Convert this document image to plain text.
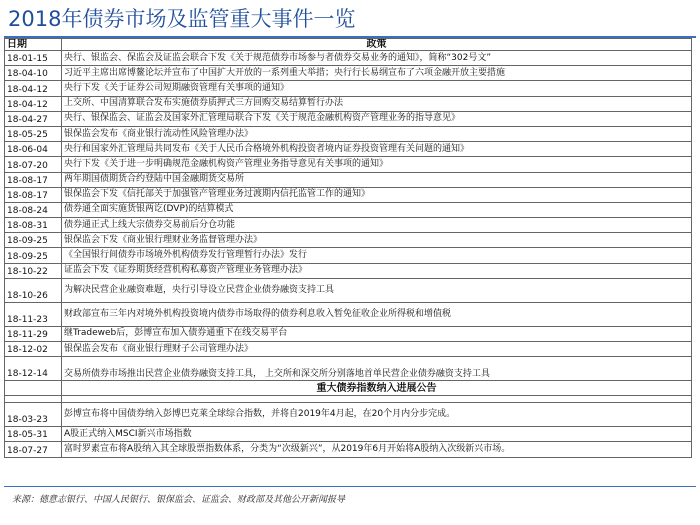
2018年债券市场及监管重大事件一览
日期	政策
18-01-15	央行、银监会、保监会及证监会联合下发《关于规范债券市场参与者债券交易业务的通知》，简称“302号文”
18-04-10	习近平主席出席博鳌论坛并宣布了中国扩大开放的一系列重大举措；央行行长易纲宣布了六项金融开放主要措施
18-04-12	央行下发《关于证券公司短期融资管理有关事项的通知》
18-04-12	上交所、中国清算联合发布实施债券质押式三方回购交易结算暂行办法
18-04-27	央行、银保监会、证监会及国家外汇管理局联合下发《关于规范金融机构资产管理业务的指导意见》
18-05-25	银保监会发布《商业银行流动性风险管理办法》
18-06-04	央行和国家外汇管理局共同发布《关于人民币合格境外机构投资者境内证券投资管理有关问题的通知》
18-07-20	央行下发《关于进一步明确规范金融机构资产管理业务指导意见有关事项的通知》
18-08-17	两年期国债期货合约登陆中国金融期货交易所
18-08-17	银保监会下发《信托部关于加强管产管理业务过渡期内信托监管工作的通知》
18-08-24	债券通全面实施货银两讫(DVP)的结算模式
18-08-31	债券通正式上线大宗债券交易前后分仓功能
18-09-25	银保监会下发《商业银行理财业务监督管理办法》
18-09-25	《全国银行间债券市场境外机构债券发行管理暂行办法》发行
18-10-22	证监会下发《证券期货经营机构私募资产管理业务管理办法》
18-10-26	为解决民营企业融资难题，央行引导设立民营企业债券融资支持工具
18-11-23	财政部宣布三年内对境外机构投资境内债券市场取得的债券利息收入暂免征收企业所得税和增值税
18-11-29	继Tradeweb后，彭博宣布加入债券通重下在线交易平台
18-12-02	银保监会发布《商业银行理财子公司管理办法》
18-12-14	交易所债券市场推出民营企业债券融资支持工具， 上交所和深交所分别落地首单民营企业债券融资支持工具
	重大债券指数纳入进展公告

18-03-23	彭博宣布将中国债券纳入彭博巴克莱全球综合指数，并将自2019年4月起，在20个月内分步完成。
18-05-31	A股正式纳入MSCI新兴市场指数
18-07-27	富时罗素宣布将A股纳入其全球股票指数体系，分类为“次级新兴”，从2019年6月开始将A股纳入次级新兴市场。
来源：德意志银行、中国人民银行、银保监会、证监会、财政部及其他公开新闻报导
